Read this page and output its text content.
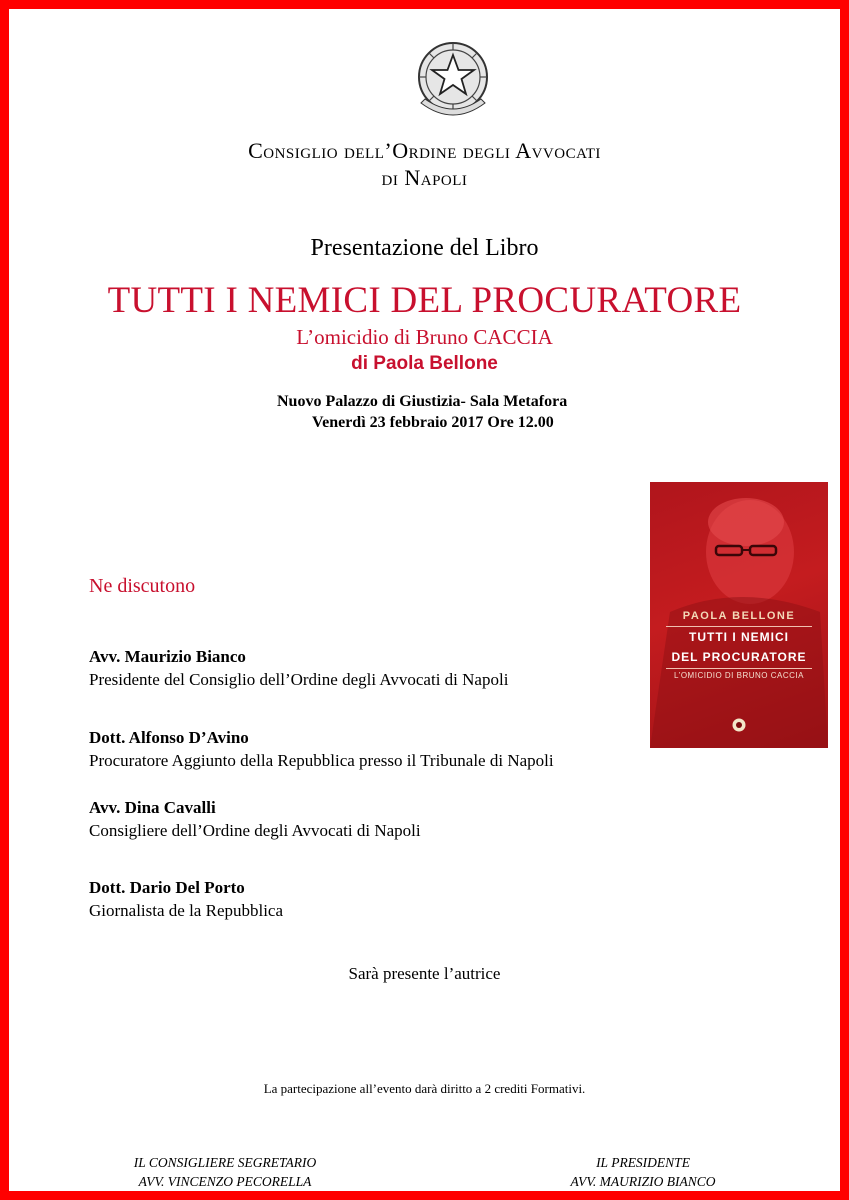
Consiglio dell’Ordine degli Avvocati
di Napoli
Presentazione del Libro
TUTTI I NEMICI DEL PROCURATORE
L’omicidio di Bruno CACCIA
di Paola Bellone
Nuovo Palazzo di Giustizia- Sala Metafora
Venerdì 23 febbraio 2017 Ore 12.00
PAOLA BELLONE
TUTTI I NEMICI
DEL PROCURATORE
L’OMICIDIO DI BRUNO CACCIA
Ne discutono
Avv. Maurizio Bianco
Presidente del Consiglio dell’Ordine degli Avvocati di Napoli
Dott. Alfonso D’Avino
Procuratore Aggiunto della Repubblica presso il Tribunale di Napoli
Avv. Dina Cavalli
Consigliere dell’Ordine degli Avvocati di Napoli
Dott. Dario Del Porto
Giornalista de la Repubblica
Sarà presente l’autrice
La partecipazione all’evento darà diritto a 2 crediti Formativi.
IL CONSIGLIERE SEGRETARIO
AVV. VINCENZO PECORELLA
IL PRESIDENTE
AVV. MAURIZIO BIANCO
